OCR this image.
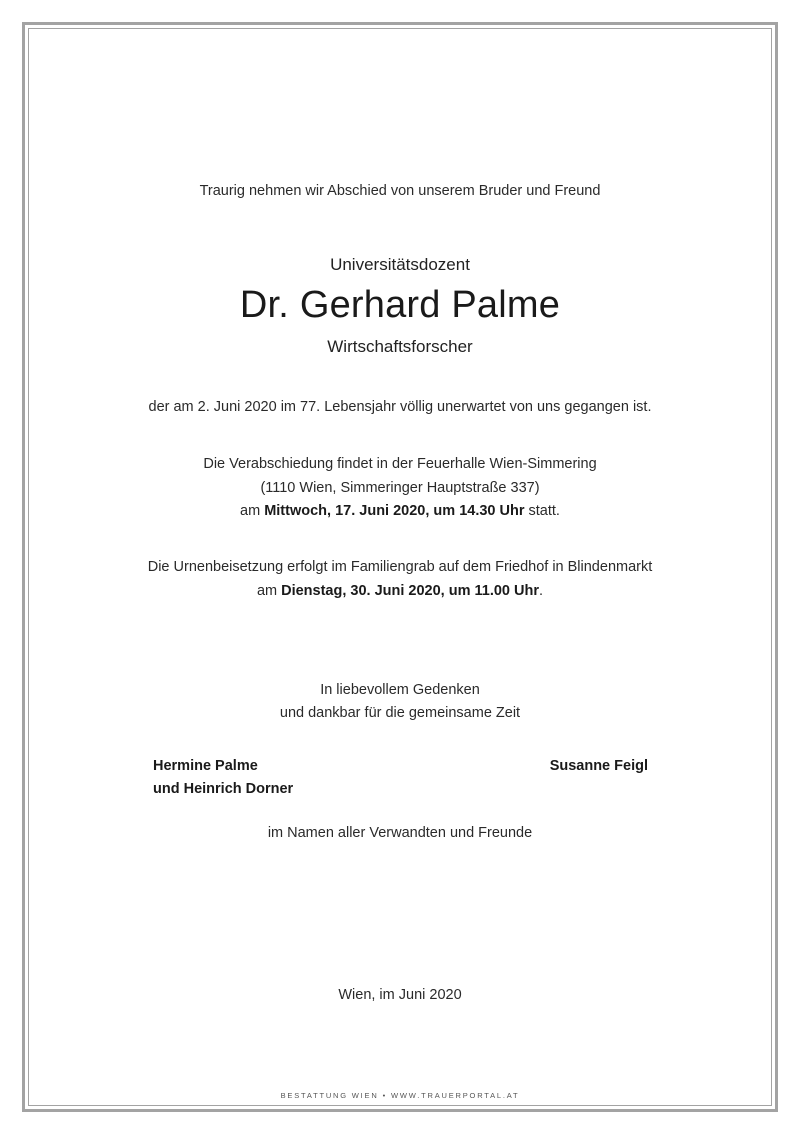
Traurig nehmen wir Abschied von unserem Bruder und Freund
Universitätsdozent
Dr. Gerhard Palme
Wirtschaftsforscher
der am 2. Juni 2020 im 77. Lebensjahr völlig unerwartet von uns gegangen ist.
Die Verabschiedung findet in der Feuerhalle Wien-Simmering
(1110 Wien, Simmeringer Hauptstraße 337)
am Mittwoch, 17. Juni 2020, um 14.30 Uhr statt.
Die Urnenbeisetzung erfolgt im Familiengrab auf dem Friedhof in Blindenmarkt
am Dienstag, 30. Juni 2020, um 11.00 Uhr.
In liebevollem Gedenken
und dankbar für die gemeinsame Zeit
Hermine Palme
und Heinrich Dorner
Susanne Feigl
im Namen aller Verwandten und Freunde
Wien, im Juni 2020
BESTATTUNG WIEN • WWW.TRAUERPORTAL.AT
